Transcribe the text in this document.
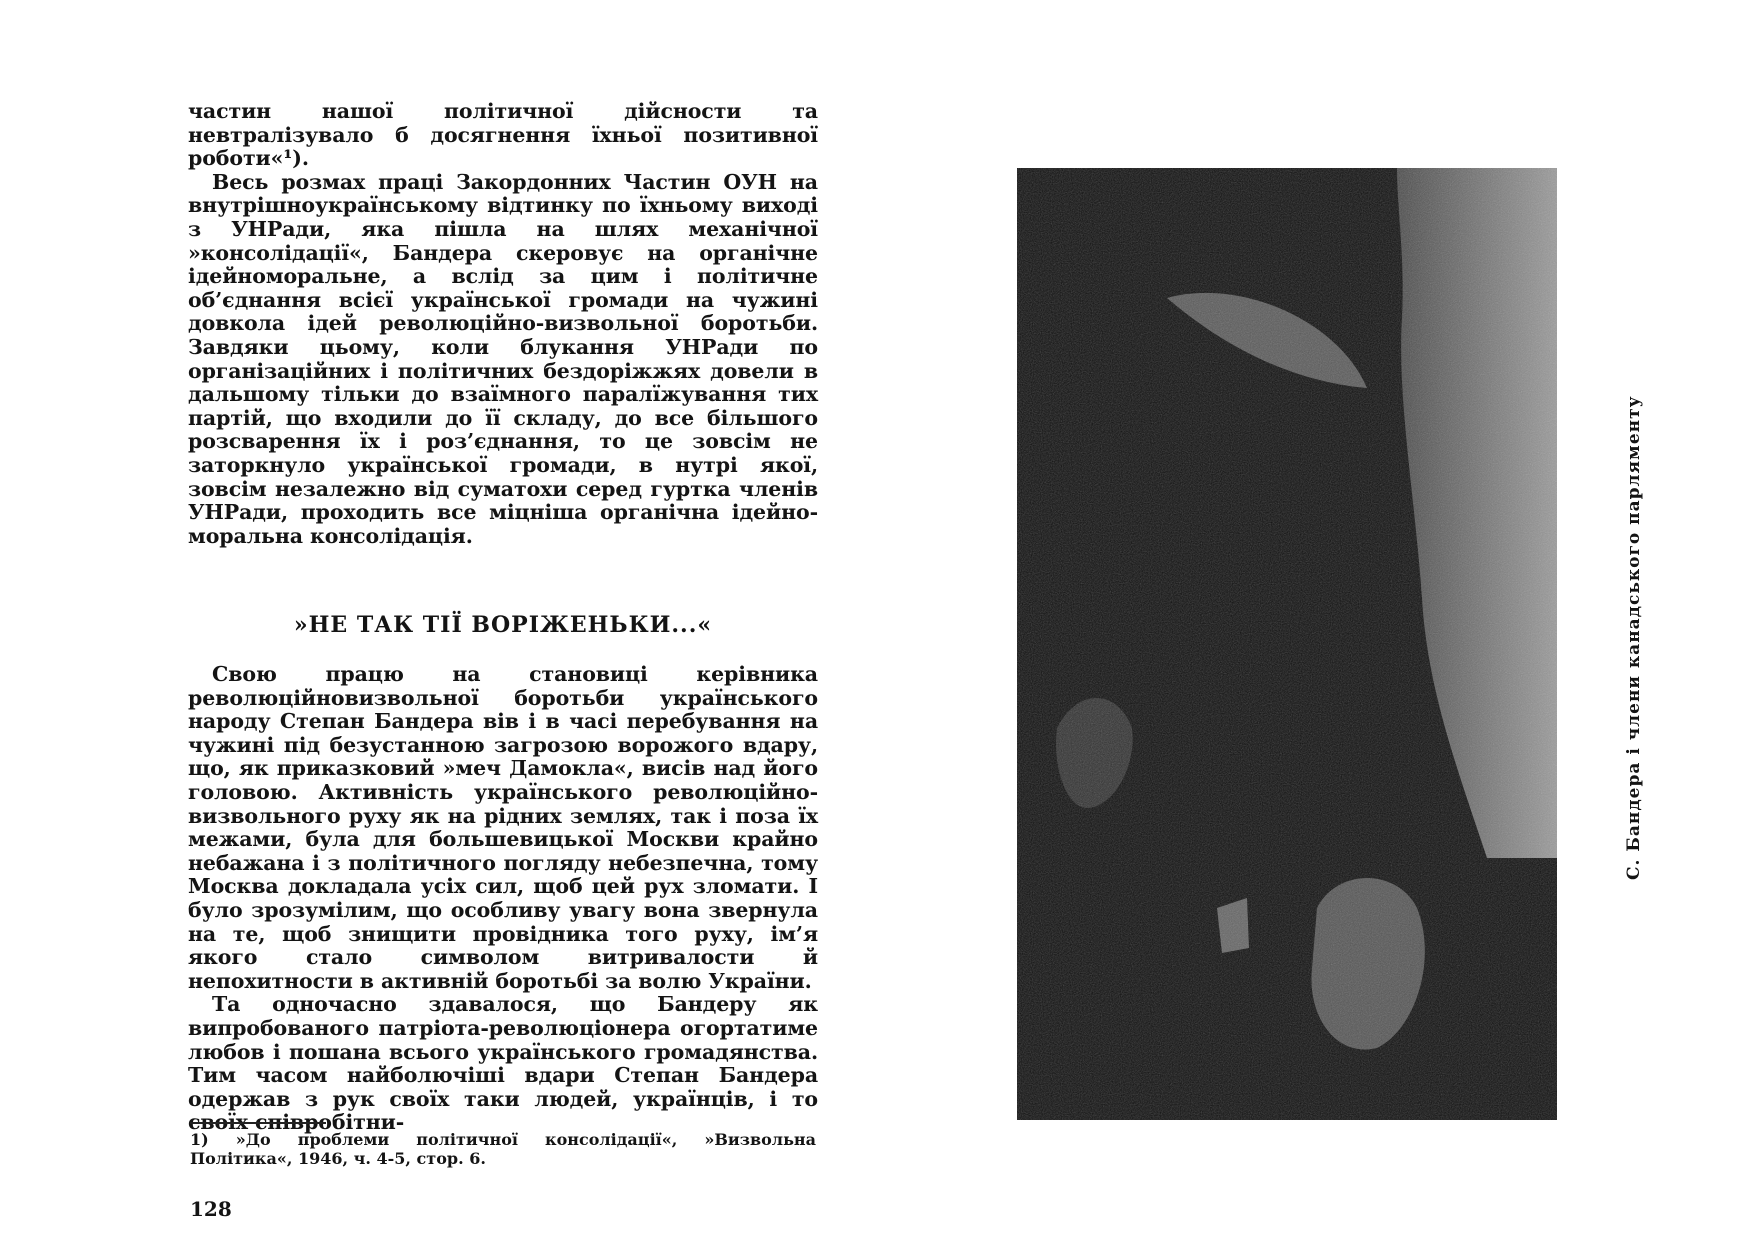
частин нашої політичної дійсности та невтралізувало б досягнення їхньої позитивної роботи«¹).

Весь розмах праці Закордонних Частин ОУН на внутрішноукраїнському відтинку по їхньому виході з УНРади, яка пішла на шлях механічної »консолідації«, Бандера скеровує на органічне ідейноморальне, а вслід за цим і політичне об’єднання всієї української громади на чужині довкола ідей революційно-визвольної боротьби. Завдяки цьому, коли блукання УНРади по організаційних і політичних бездоріжжях довели в дальшому тільки до взаїмного паралїжування тих партій, що входили до її складу, до все більшого розсварення їх і роз’єднання, то це зовсім не заторкнуло української громади, в нутрі якої, зовсім незалежно від суматохи серед гуртка членів УНРади, проходить все міцніша органічна ідейно-моральна консолідація.

»НЕ ТАК ТІЇ ВОРІЖЕНЬКИ...«

Свою працю на становиці керівника революційновизвольної боротьби українського народу Степан Бандера вів і в часі перебування на чужині під безустанною загрозою ворожого вдару, що, як приказковий »меч Дамокла«, висів над його головою. Активність українського революційно-визвольного руху як на рідних землях, так і поза їх межами, була для большевицької Москви крайно небажана і з політичного погляду небезпечна, тому Москва докладала усіх сил, щоб цей рух зломати. І було зрозумілим, що особливу увагу вона звернула на те, щоб знищити провідника того руху, ім’я якого стало символом витривалости й непохитности в активній боротьбі за волю України.

Та одночасно здавалося, що Бандеру як випробованого патріота-революціонера огортатиме любов і пошана всього українського громадянства. Тим часом найболючіші вдари Степан Бандера одержав з рук своїх таки людей, українців, і то своїх співробітни-

1) »До проблеми політичної консолідації«, »Визвольна Політика«, 1946, ч. 4-5, стор. 6.

128

С. Бандера і члени канадського парляменту
